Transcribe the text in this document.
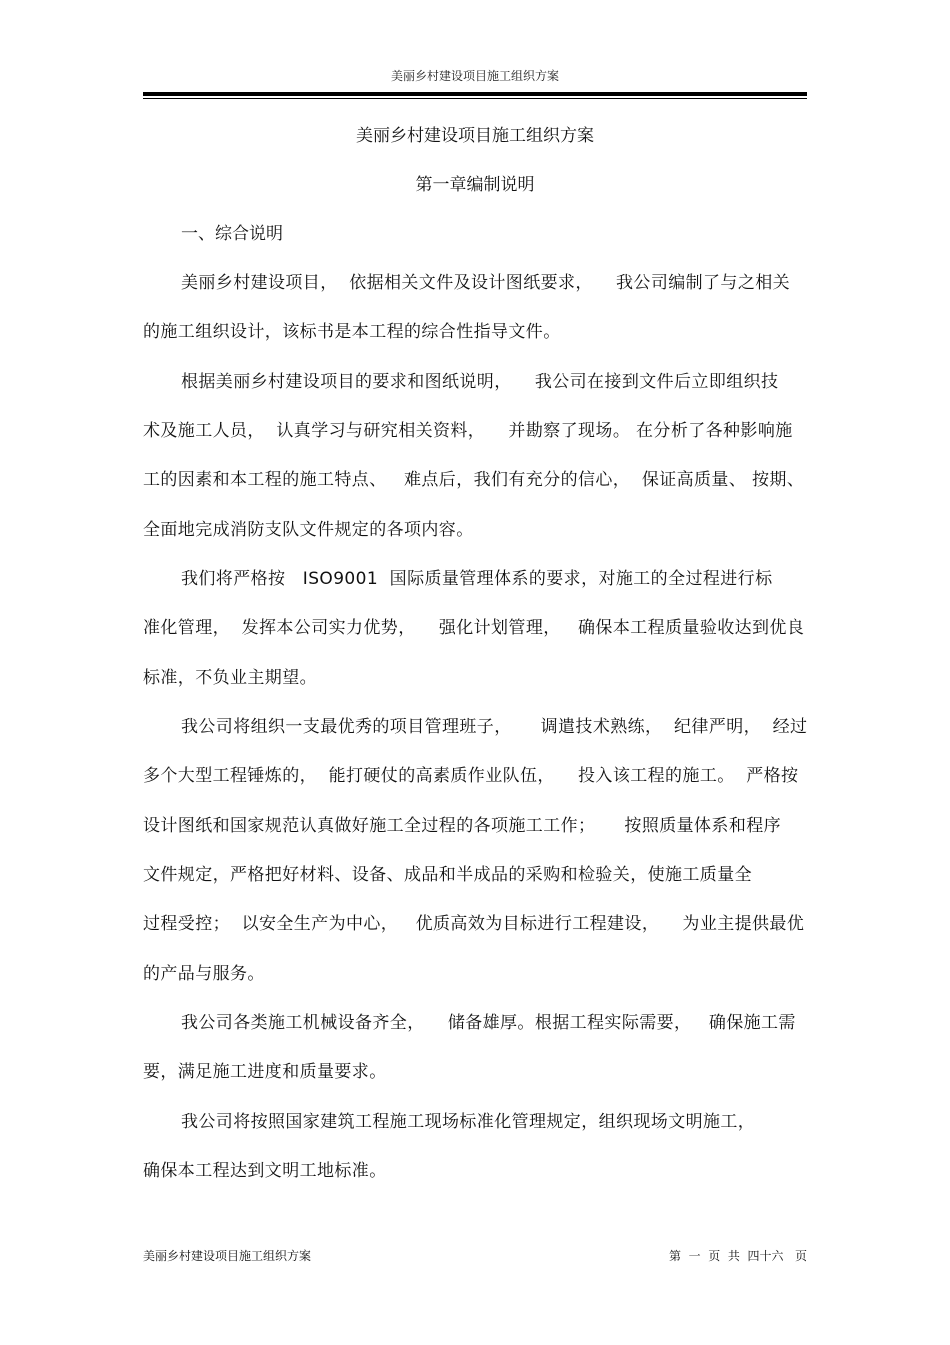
美丽乡村建设项目施工组织方案
美丽乡村建设项目施工组织方案
第一章编制说明
一、综合说明
美丽乡村建设项目，  依据相关文件及设计图纸要求，    我公司编制了与之相关
的施工组织设计，该标书是本工程的综合性指导文件。
根据美丽乡村建设项目的要求和图纸说明，    我公司在接到文件后立即组织技
术及施工人员，  认真学习与研究相关资料，    并勘察了现场。 在分析了各种影响施
工的因素和本工程的施工特点、   难点后，我们有充分的信心，  保证高质量、 按期、
全面地完成消防支队文件规定的各项内容。
我们将严格按   ISO9001  国际质量管理体系的要求，对施工的全过程进行标
准化管理，  发挥本公司实力优势，    强化计划管理，   确保本工程质量验收达到优良
标准，不负业主期望。
我公司将组织一支最优秀的项目管理班子，     调遣技术熟练，  纪律严明，  经过
多个大型工程锤炼的，  能打硬仗的高素质作业队伍，    投入该工程的施工。  严格按
设计图纸和国家规范认真做好施工全过程的各项施工工作；     按照质量体系和程序
文件规定，严格把好材料、设备、成品和半成品的采购和检验关，使施工质量全
过程受控；  以安全生产为中心，   优质高效为目标进行工程建设，    为业主提供最优
的产品与服务。
我公司各类施工机械设备齐全，    储备雄厚。根据工程实际需要，   确保施工需
要，满足施工进度和质量要求。
我公司将按照国家建筑工程施工现场标准化管理规定，组织现场文明施工，
确保本工程达到文明工地标准。
美丽乡村建设项目施工组织方案	第  一  页  共  四十六   页
